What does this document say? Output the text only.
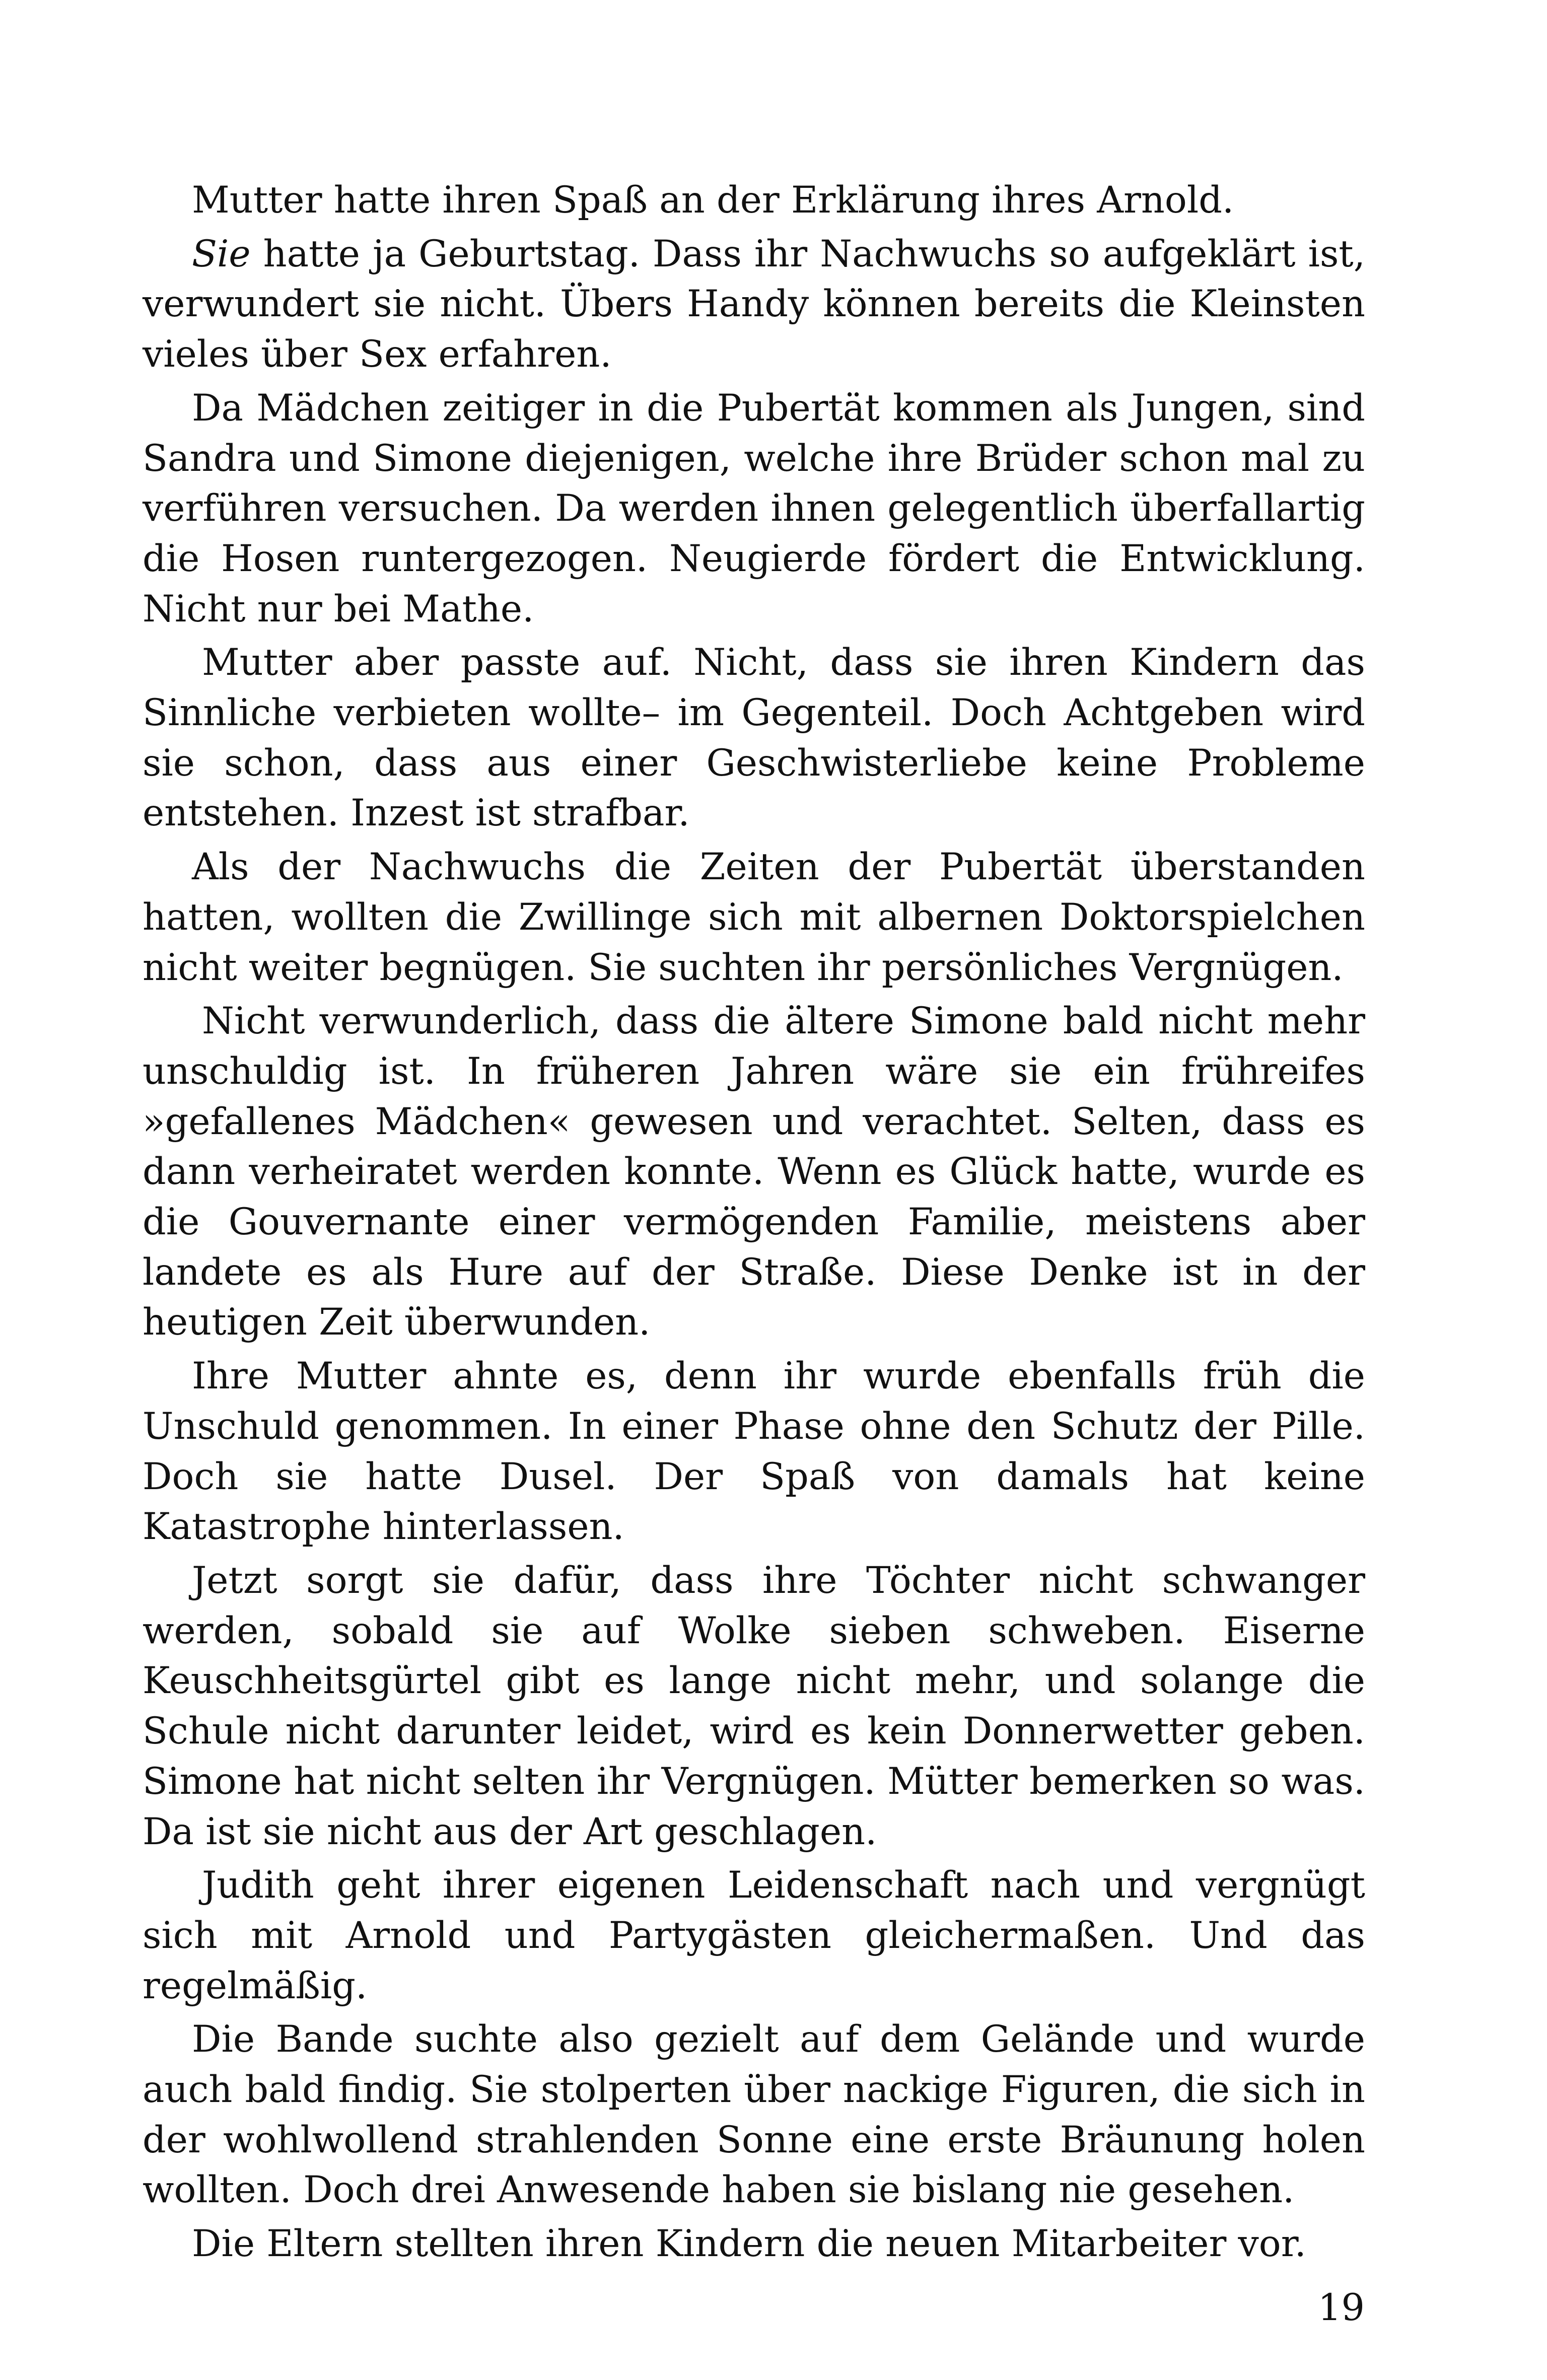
Mutter hatte ihren Spaß an der Erklärung ihres Arnold.

Sie hatte ja Geburtstag. Dass ihr Nachwuchs so aufgeklärt ist, verwundert sie nicht. Übers Handy können bereits die Kleinsten vieles über Sex erfahren.

Da Mädchen zeitiger in die Pubertät kommen als Jungen, sind Sandra und Simone diejenigen, welche ihre Brüder schon mal zu verführen versuchen. Da werden ihnen gelegentlich überfallartig die Hosen runtergezogen. Neugierde fördert die Entwicklung. Nicht nur bei Mathe.

Mutter aber passte auf. Nicht, dass sie ihren Kindern das Sinnliche verbieten wollte– im Gegenteil. Doch Achtgeben wird sie schon, dass aus einer Geschwisterliebe keine Probleme entstehen. Inzest ist strafbar.

Als der Nachwuchs die Zeiten der Pubertät überstanden hatten, wollten die Zwillinge sich mit albernen Doktorspielchen nicht weiter begnügen. Sie suchten ihr persönliches Vergnügen.

Nicht verwunderlich, dass die ältere Simone bald nicht mehr unschuldig ist. In früheren Jahren wäre sie ein frühreifes »gefallenes Mädchen« gewesen und verachtet. Selten, dass es dann verheiratet werden konnte. Wenn es Glück hatte, wurde es die Gouvernante einer vermögenden Familie, meistens aber landete es als Hure auf der Straße. Diese Denke ist in der heutigen Zeit überwunden.

Ihre Mutter ahnte es, denn ihr wurde ebenfalls früh die Unschuld genommen. In einer Phase ohne den Schutz der Pille. Doch sie hatte Dusel. Der Spaß von damals hat keine Katastrophe hinterlassen.

Jetzt sorgt sie dafür, dass ihre Töchter nicht schwanger werden, sobald sie auf Wolke sieben schweben. Eiserne Keuschheitsgürtel gibt es lange nicht mehr, und solange die Schule nicht darunter leidet, wird es kein Donnerwetter geben. Simone hat nicht selten ihr Vergnügen. Mütter bemerken so was. Da ist sie nicht aus der Art geschlagen.

Judith geht ihrer eigenen Leidenschaft nach und vergnügt sich mit Arnold und Partygästen gleichermaßen. Und das regelmäßig.

Die Bande suchte also gezielt auf dem Gelände und wurde auch bald findig. Sie stolperten über nackige Figuren, die sich in der wohlwollend strahlenden Sonne eine erste Bräunung holen wollten. Doch drei Anwesende haben sie bislang nie gesehen.

Die Eltern stellten ihren Kindern die neuen Mitarbeiter vor.

19
